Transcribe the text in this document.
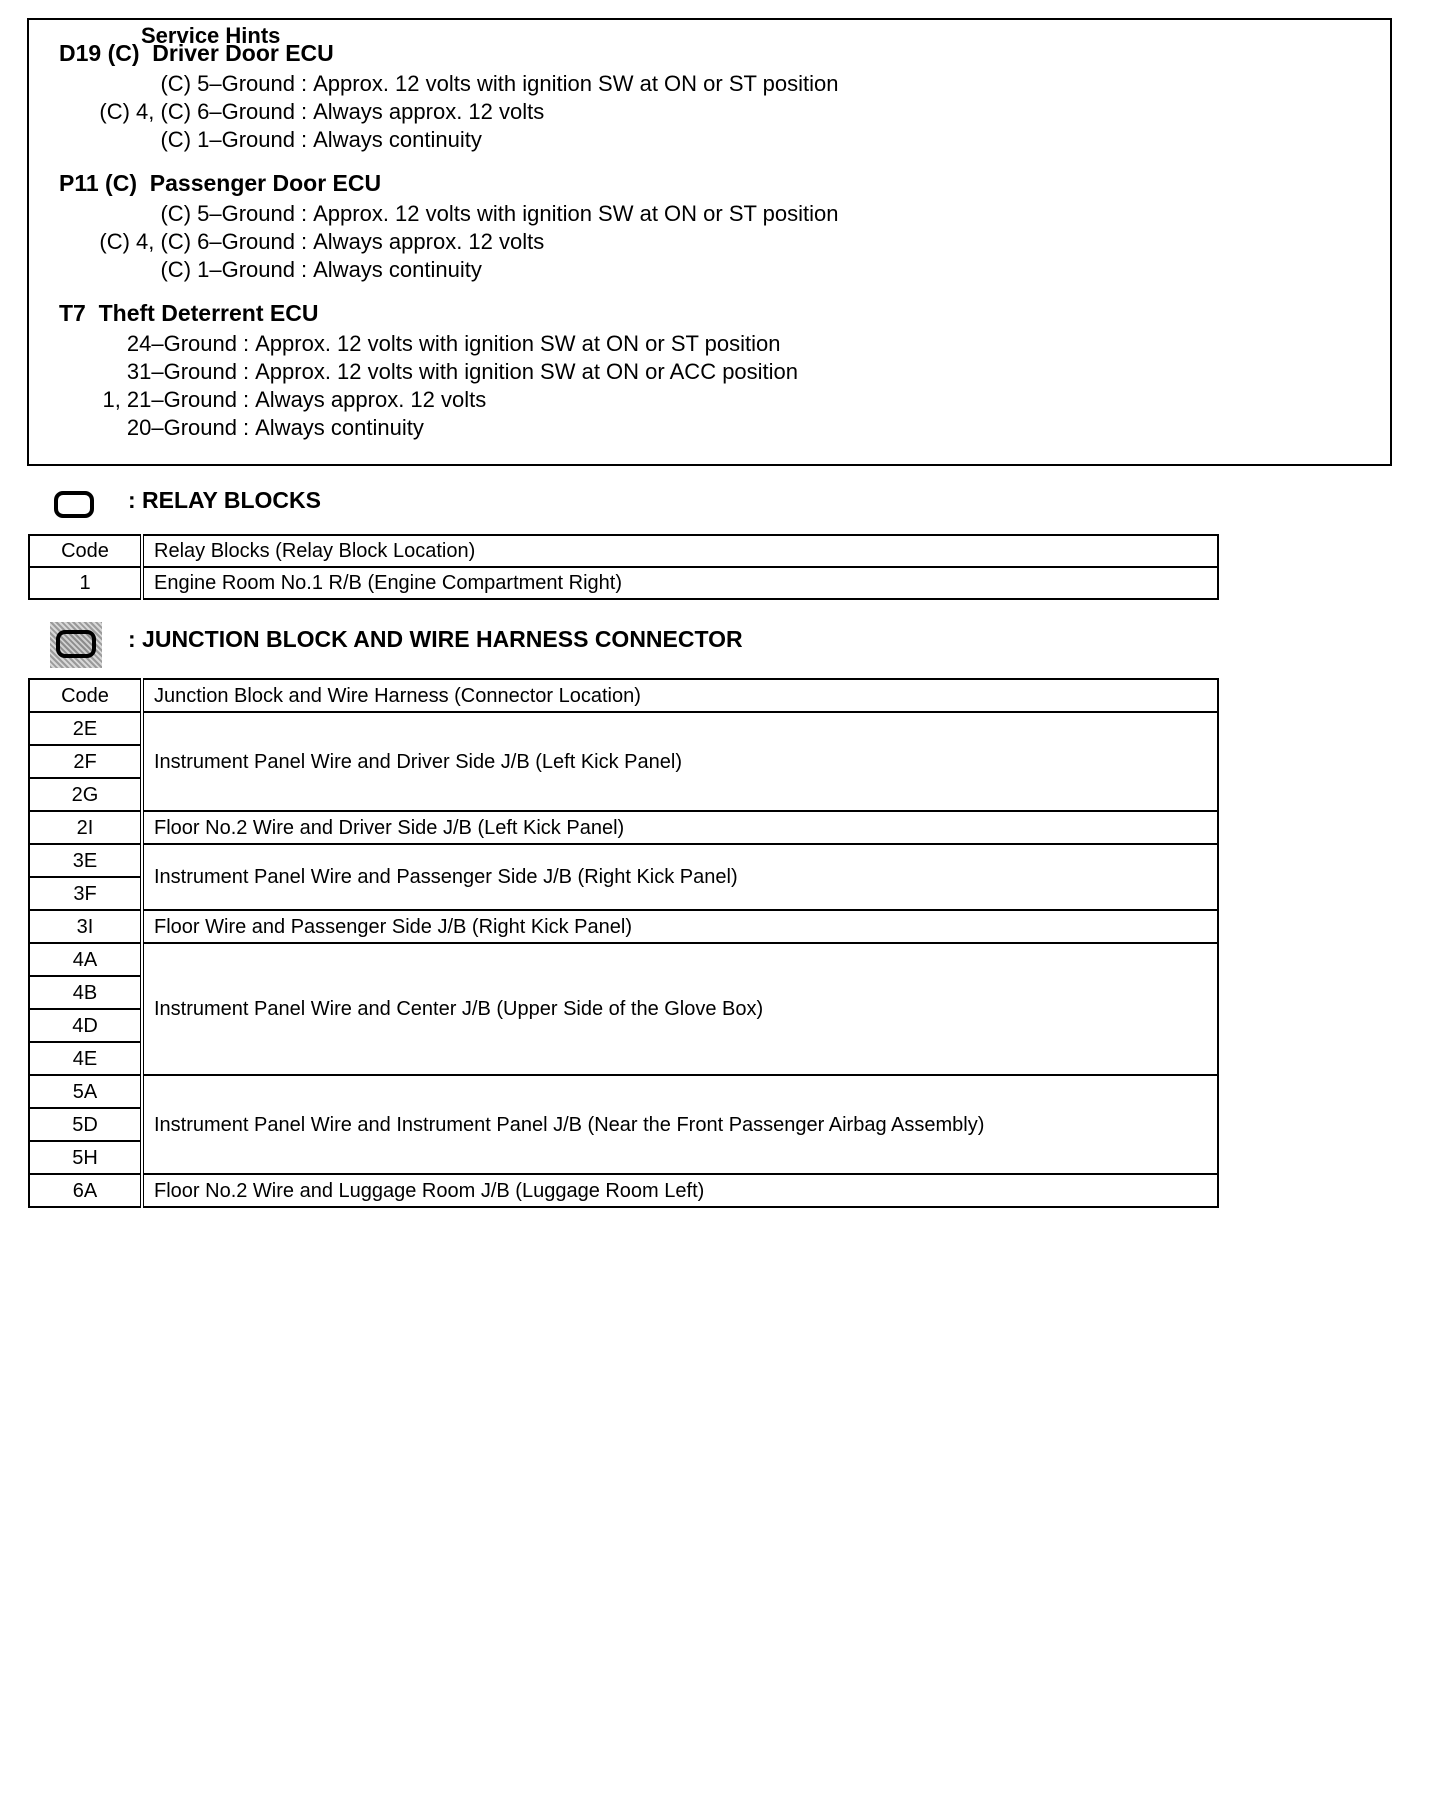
Service Hints
D19 (C) Driver Door ECU
(C) 5–Ground : Approx. 12 volts with ignition SW at ON or ST position
(C) 4, (C) 6–Ground : Always approx. 12 volts
(C) 1–Ground : Always continuity
P11 (C) Passenger Door ECU
(C) 5–Ground : Approx. 12 volts with ignition SW at ON or ST position
(C) 4, (C) 6–Ground : Always approx. 12 volts
(C) 1–Ground : Always continuity
T7 Theft Deterrent ECU
24–Ground : Approx. 12 volts with ignition SW at ON or ST position
31–Ground : Approx. 12 volts with ignition SW at ON or ACC position
1, 21–Ground : Always approx. 12 volts
20–Ground : Always continuity
: RELAY BLOCKS
Code	Relay Blocks (Relay Block Location)
1	Engine Room No.1 R/B (Engine Compartment Right)
: JUNCTION BLOCK AND WIRE HARNESS CONNECTOR
Code	Junction Block and Wire Harness (Connector Location)
2E	Instrument Panel Wire and Driver Side J/B (Left Kick Panel)
2F	
2G	
2I	Floor No.2 Wire and Driver Side J/B (Left Kick Panel)
3E	Instrument Panel Wire and Passenger Side J/B (Right Kick Panel)
3F	
3I	Floor Wire and Passenger Side J/B (Right Kick Panel)
4A	Instrument Panel Wire and Center J/B (Upper Side of the Glove Box)
4B	
4D	
4E	
5A	Instrument Panel Wire and Instrument Panel J/B (Near the Front Passenger Airbag Assembly)
5D	
5H	
6A	Floor No.2 Wire and Luggage Room J/B (Luggage Room Left)
